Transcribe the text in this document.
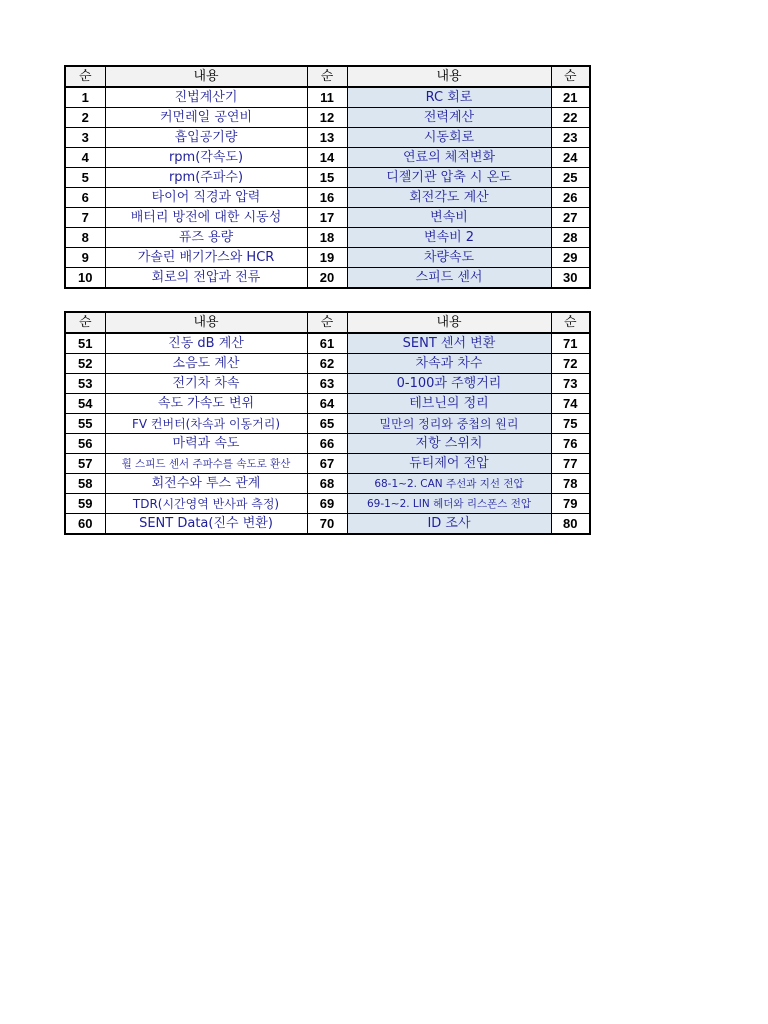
순	내용	순	내용	순
1	진법계산기	11	RC 회로	21
2	커먼레일 공연비	12	전력계산	22
3	흡입공기량	13	시동회로	23
4	rpm(각속도)	14	연료의 체적변화	24
5	rpm(주파수)	15	디젤기관 압축 시 온도	25
6	타이어 직경과 압력	16	회전각도 계산	26
7	배터리 방전에 대한 시동성	17	변속비	27
8	퓨즈 용량	18	변속비 2	28
9	가솔린 배기가스와 HCR	19	차량속도	29
10	회로의 전압과 전류	20	스피드 센서	30
순	내용	순	내용	순
51	진동 dB 계산	61	SENT 센서 변환	71
52	소음도 계산	62	차속과 차수	72
53	전기차 차속	63	0-100과 주행거리	73
54	속도 가속도 변위	64	테브닌의 정리	74
55	FV 컨버터(차속과 이동거리)	65	밀만의 정리와 중첩의 원리	75
56	마력과 속도	66	저항 스위치	76
57	휠 스피드 센서 주파수를 속도로 환산	67	듀티제어 전압	77
58	회전수와 투스 관계	68	68-1~2. CAN 주선과 지선 전압	78
59	TDR(시간영역 반사파 측정)	69	69-1~2. LIN 헤더와 리스폰스 전압	79
60	SENT Data(진수 변환)	70	ID 조사	80
